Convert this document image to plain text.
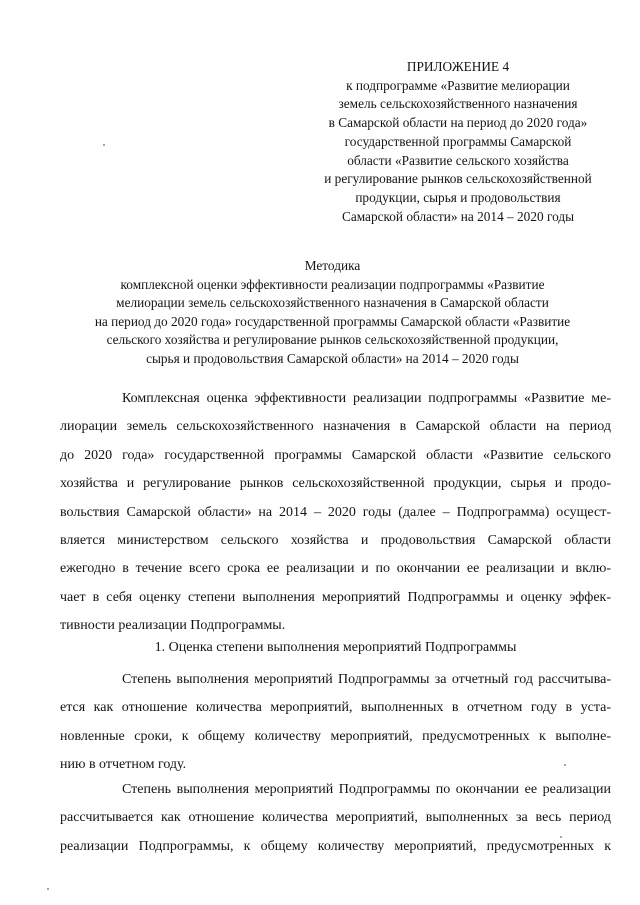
ПРИЛОЖЕНИЕ 4
к подпрограмме «Развитие мелиорации
земель сельскохозяйственного назначения
в Самарской области на период до 2020 года»
государственной программы Самарской
области «Развитие сельского хозяйства
и регулирование рынков сельскохозяйственной
продукции, сырья и продовольствия
Самарской области» на 2014 – 2020 годы
Методика
комплексной оценки эффективности реализации подпрограммы «Развитие
мелиорации земель сельскохозяйственного назначения в Самарской области
на период до 2020 года» государственной программы Самарской области «Развитие
сельского хозяйства и регулирование рынков сельскохозяйственной продукции,
сырья и продовольствия Самарской области» на 2014 – 2020 годы
Комплексная оценка эффективности реализации подпрограммы «Развитие ме-
лиорации земель сельскохозяйственного назначения в Самарской области на период
до 2020 года» государственной программы Самарской области «Развитие сельского
хозяйства и регулирование рынков сельскохозяйственной продукции, сырья и продо-
вольствия Самарской области» на 2014 – 2020 годы (далее – Подпрограмма) осущест-
вляется министерством сельского хозяйства и продовольствия Самарской области
ежегодно в течение всего срока ее реализации и по окончании ее реализации и вклю-
чает в себя оценку степени выполнения мероприятий Подпрограммы и оценку эффек-
тивности реализации Подпрограммы.
1. Оценка степени выполнения мероприятий Подпрограммы
Степень выполнения мероприятий Подпрограммы за отчетный год рассчитыва-
ется как отношение количества мероприятий, выполненных в отчетном году в уста-
новленные сроки, к общему количеству мероприятий, предусмотренных к выполне-
нию в отчетном году.
Степень выполнения мероприятий Подпрограммы по окончании ее реализации
рассчитывается как отношение количества мероприятий, выполненных за весь период
реализации Подпрограммы, к общему количеству мероприятий, предусмотренных к
